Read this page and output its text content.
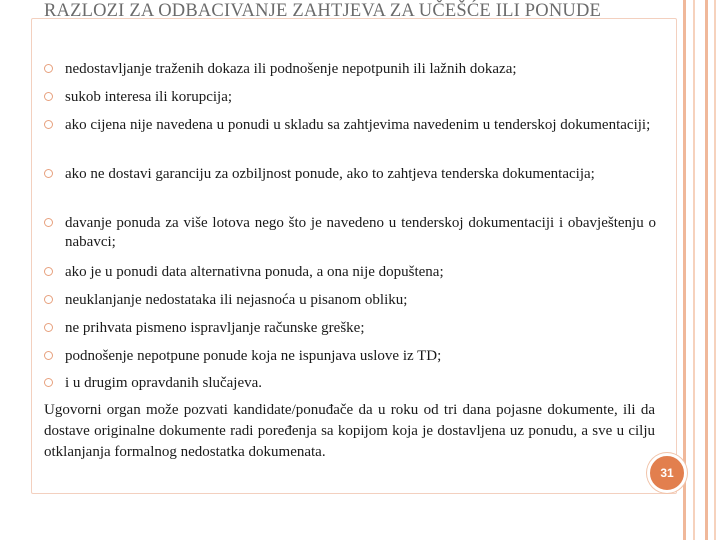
RAZLOZI ZA ODBACIVANJE ZAHTJEVA ZA UČEŠĆE ILI PONUDE
nedostavljanje traženih dokaza ili podnošenje nepotpunih ili lažnih dokaza;
sukob interesa ili korupcija;
ako cijena nije navedena u ponudi u skladu sa zahtjevima navedenim u tenderskoj dokumentaciji;
ako ne dostavi garanciju za ozbiljnost ponude, ako to zahtjeva tenderska dokumentacija;
davanje ponuda za više lotova nego što je navedeno u tenderskoj dokumentaciji i obavještenju o nabavci;
ako je u ponudi data alternativna ponuda, a ona nije dopuštena;
neuklanjanje nedostataka ili nejasnoća u pisanom obliku;
ne prihvata pismeno ispravljanje računske greške;
podnošenje nepotpune ponude koja ne ispunjava uslove iz TD;
i u drugim opravdanih slučajeva.

Ugovorni organ može pozvati kandidate/ponuđače da u roku od tri dana pojasne dokumente, ili da dostave originalne dokumente radi poređenja sa kopijom koja je dostavljena uz ponudu, a sve u cilju otklanjanja formalnog nedostatka dokumenata.

31
